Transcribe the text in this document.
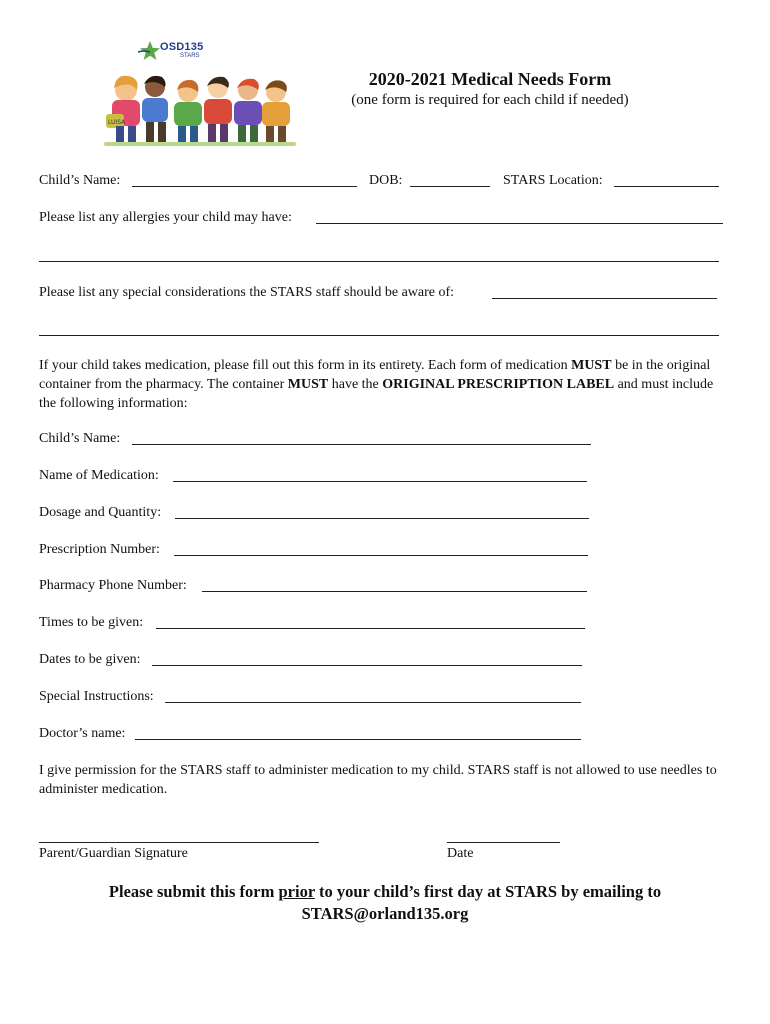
OSD135
STARS
LUISA
2020-2021 Medical Needs Form
(one form is required for each child if needed)
Child’s Name:	DOB:	STARS Location:
Please list any allergies your child may have:
Please list any special considerations the STARS staff should be aware of:
If your child takes medication, please fill out this form in its entirety. Each form of medication MUST be in the original container from the pharmacy. The container MUST have the ORIGINAL PRESCRIPTION LABEL and must include the following information:
Child’s Name:
Name of Medication:
Dosage and Quantity:
Prescription Number:
Pharmacy Phone Number:
Times to be given:
Dates to be given:
Special Instructions:
Doctor’s name:
I give permission for the STARS staff to administer medication to my child. STARS staff is not allowed to use needles to administer medication.
Parent/Guardian Signature	Date
Please submit this form prior to your child’s first day at STARS by emailing to
STARS@orland135.org
